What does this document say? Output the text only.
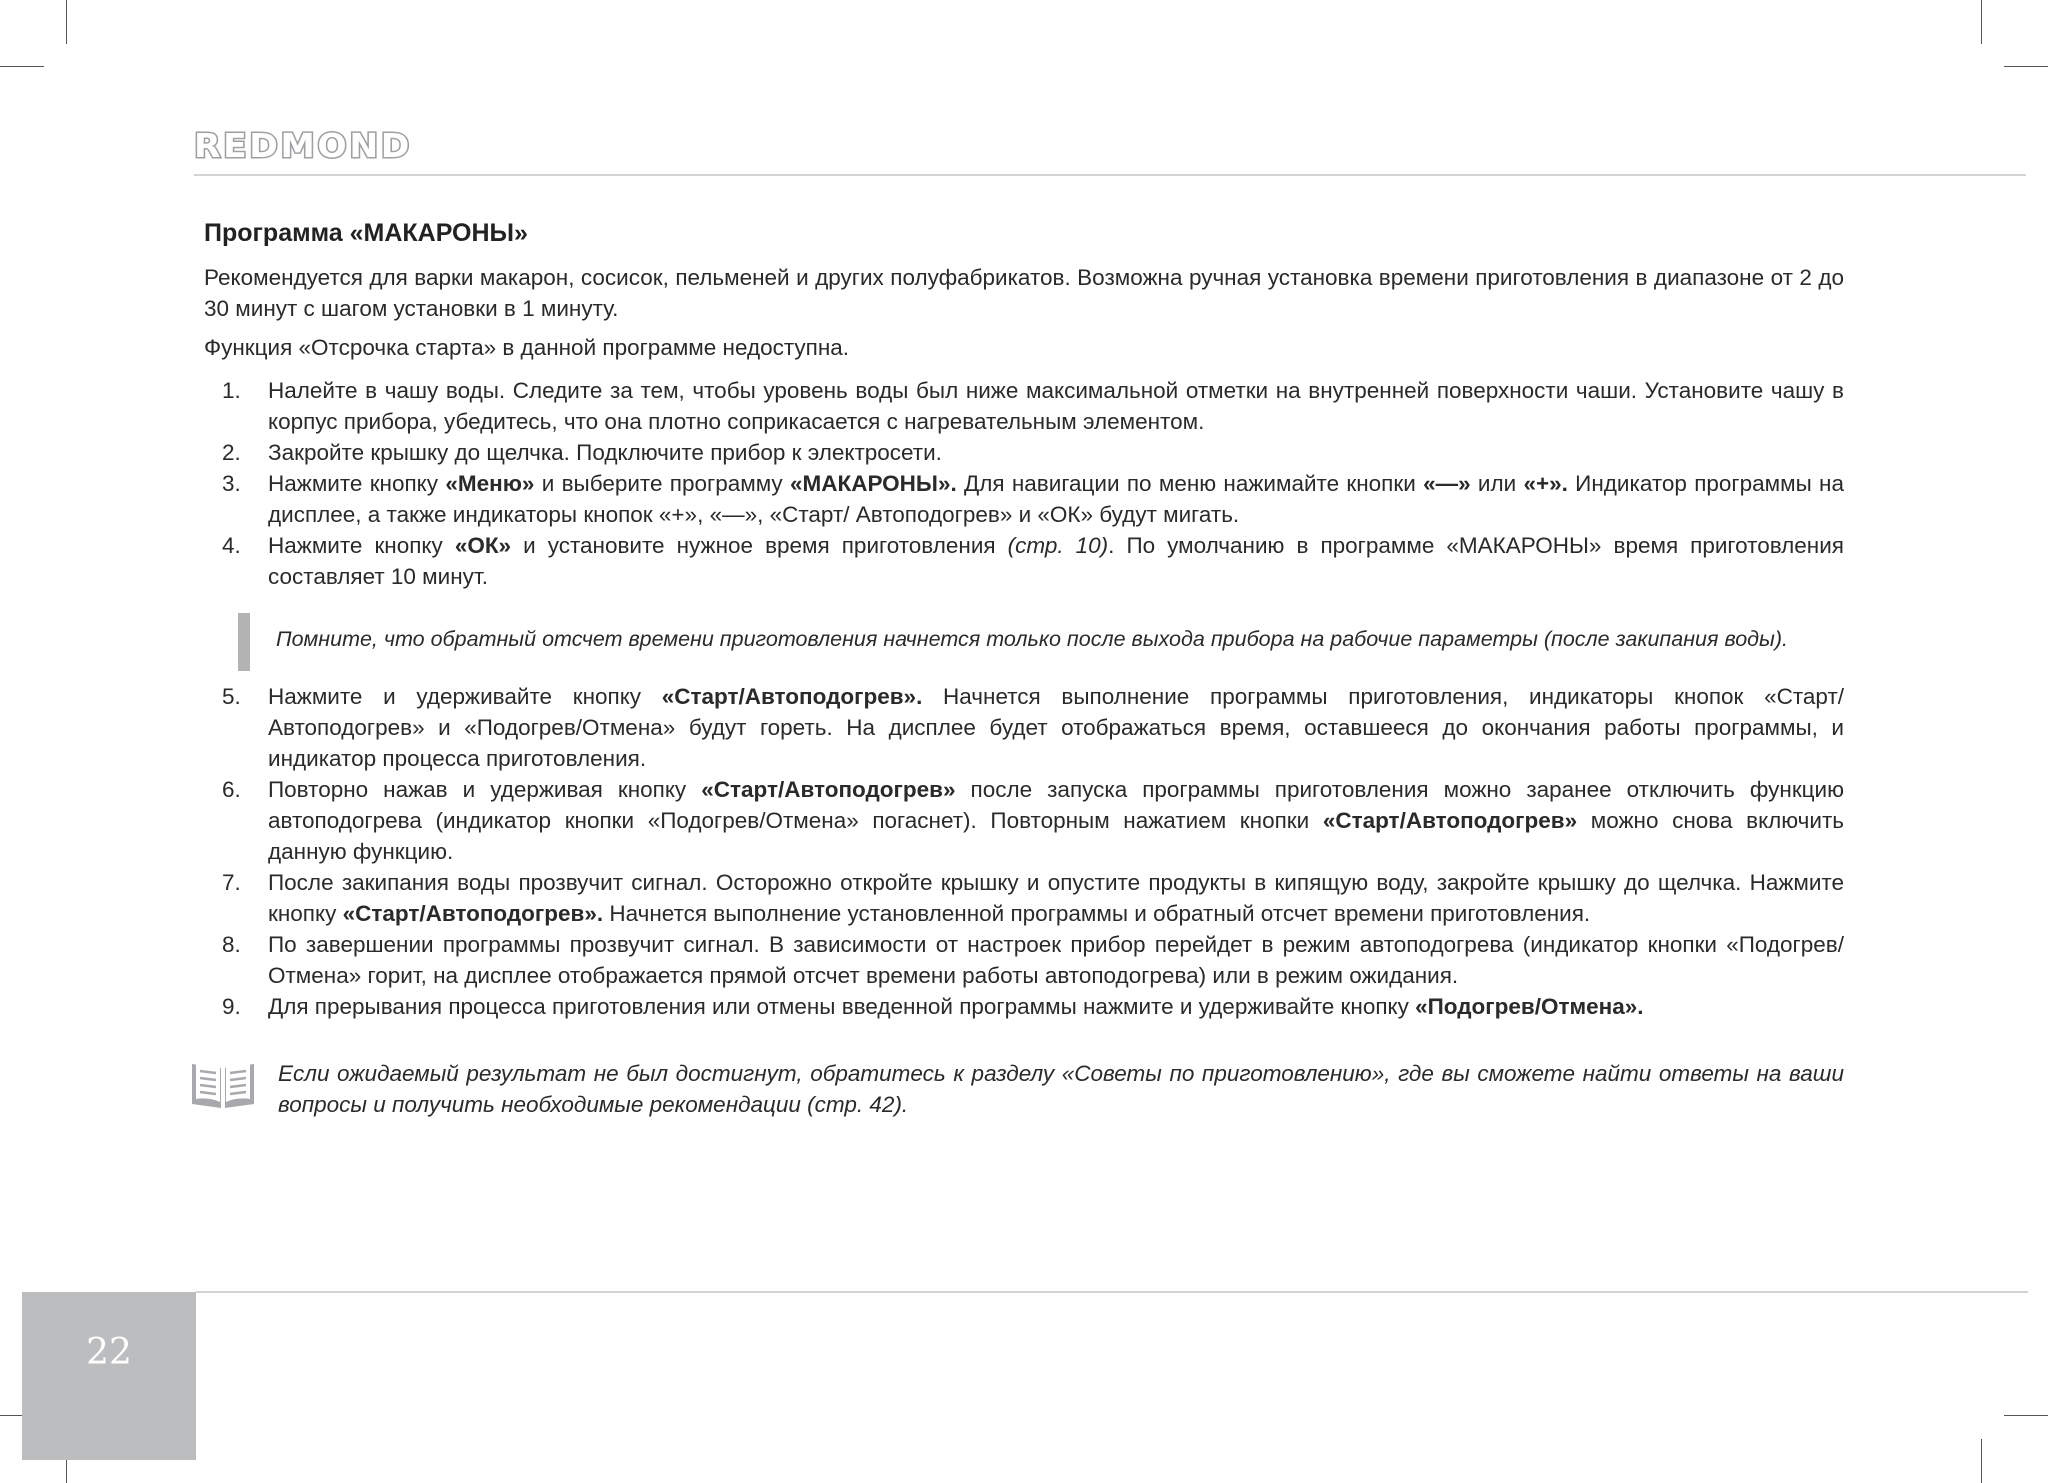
REDMOND
Программа «МАКАРОНЫ»

Рекомендуется для варки макарон, сосисок, пельменей и других полуфабрикатов. Возможна ручная установка времени приготовления в диапазоне от 2 до 30 минут с шагом установки в 1 минуту.

Функция «Отсрочка старта» в данной программе недоступна.

1. Налейте в чашу воды. Следите за тем, чтобы уровень воды был ниже максимальной отметки на внутренней поверхности чаши. Установите чашу в корпус прибора, убедитесь, что она плотно соприкасается с нагревательным элементом.
2. Закройте крышку до щелчка. Подключите прибор к электросети.
3. Нажмите кнопку «Меню» и выберите программу «МАКАРОНЫ». Для навигации по меню нажимайте кнопки «—» или «+». Индикатор программы на дисплее, а также индикаторы кнопок «+», «—», «Старт/ Автоподогрев» и «ОК» будут мигать.
4. Нажмите кнопку «ОК» и установите нужное время приготовления (стр. 10). По умолчанию в программе «МАКАРОНЫ» время приготовления составляет 10 минут.
Помните, что обратный отсчет времени приготовления начнется только после выхода прибора на рабочие параметры (после закипания воды).
5. Нажмите и удерживайте кнопку «Старт/Автоподогрев». Начнется выполнение программы приготовления, индикаторы кнопок «Старт/ Автоподогрев» и «Подогрев/Отмена» будут гореть. На дисплее будет отображаться время, оставшееся до окончания работы программы, и индикатор процесса приготовления.
6. Повторно нажав и удерживая кнопку «Старт/Автоподогрев» после запуска программы приготовления можно заранее отключить функцию автоподогрева (индикатор кнопки «Подогрев/Отмена» погаснет). Повторным нажатием кнопки «Старт/Автоподогрев» можно снова включить данную функцию.
7. После закипания воды прозвучит сигнал. Осторожно откройте крышку и опустите продукты в кипящую воду, закройте крышку до щелчка. Нажмите кнопку «Старт/Автоподогрев». Начнется выполнение установленной программы и обратный отсчет времени приготовления.
8. По завершении программы прозвучит сигнал. В зависимости от настроек прибор перейдет в режим автоподогрева (индикатор кнопки «Подогрев/Отмена» горит, на дисплее отображается прямой отсчет времени работы автоподогрева) или в режим ожидания.
9. Для прерывания процесса приготовления или отмены введенной программы нажмите и удерживайте кнопку «Подогрев/Отмена».
Если ожидаемый результат не был достигнут, обратитесь к разделу «Советы по приготовлению», где вы сможете найти ответы на ваши вопросы и получить необходимые рекомендации (стр. 42).
22
